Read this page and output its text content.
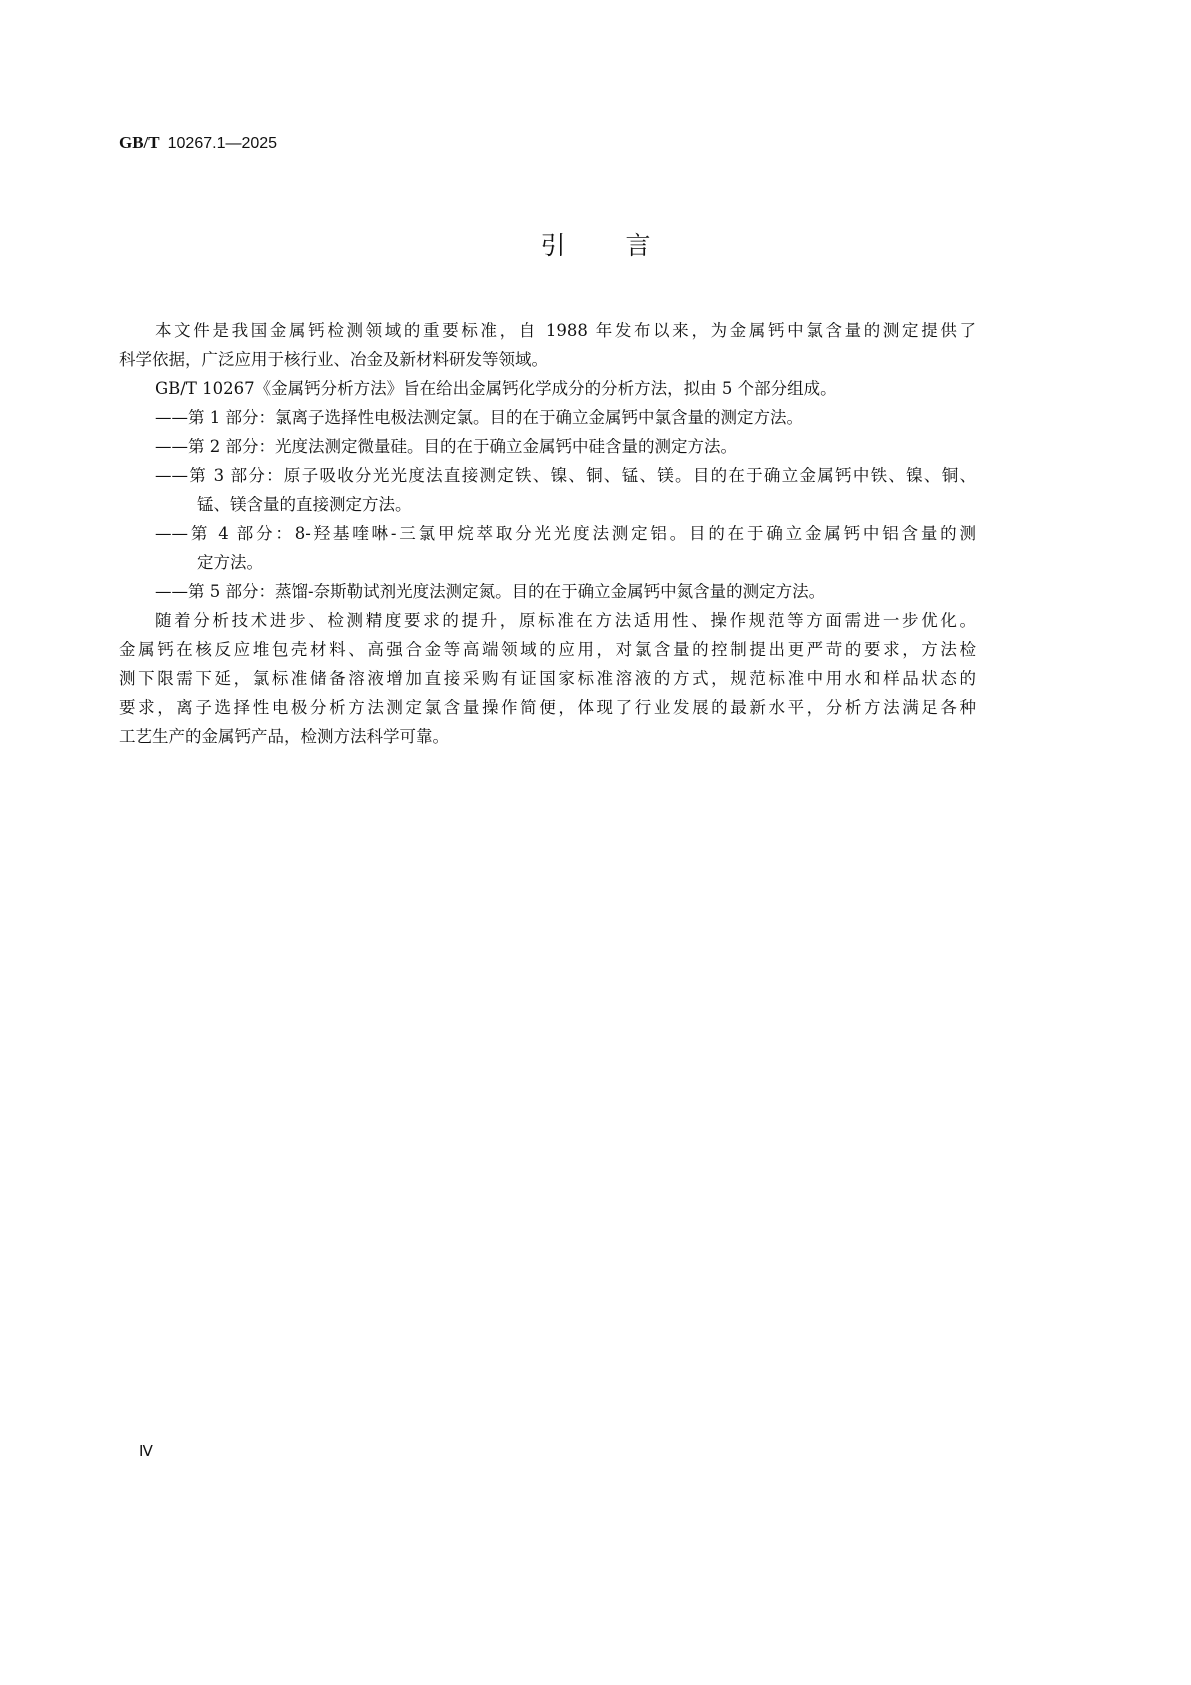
GB/T 10267.1—2025
引言
本文件是我国金属钙检测领域的重要标准，自 1988 年发布以来，为金属钙中氯含量的测定提供了
科学依据，广泛应用于核行业、冶金及新材料研发等领域。
GB/T 10267《金属钙分析方法》旨在给出金属钙化学成分的分析方法，拟由 5 个部分组成。
——第 1 部分：氯离子选择性电极法测定氯。目的在于确立金属钙中氯含量的测定方法。
——第 2 部分：光度法测定微量硅。目的在于确立金属钙中硅含量的测定方法。
——第 3 部分：原子吸收分光光度法直接测定铁、镍、铜、锰、镁。目的在于确立金属钙中铁、镍、铜、
锰、镁含量的直接测定方法。
——第 4 部分：8-羟基喹啉-三氯甲烷萃取分光光度法测定铝。目的在于确立金属钙中铝含量的测
定方法。
——第 5 部分：蒸馏-奈斯勒试剂光度法测定氮。目的在于确立金属钙中氮含量的测定方法。
随着分析技术进步、检测精度要求的提升，原标准在方法适用性、操作规范等方面需进一步优化。
金属钙在核反应堆包壳材料、高强合金等高端领域的应用，对氯含量的控制提出更严苛的要求，方法检
测下限需下延，氯标准储备溶液增加直接采购有证国家标准溶液的方式，规范标准中用水和样品状态的
要求，离子选择性电极分析方法测定氯含量操作简便，体现了行业发展的最新水平，分析方法满足各种
工艺生产的金属钙产品，检测方法科学可靠。
Ⅳ
